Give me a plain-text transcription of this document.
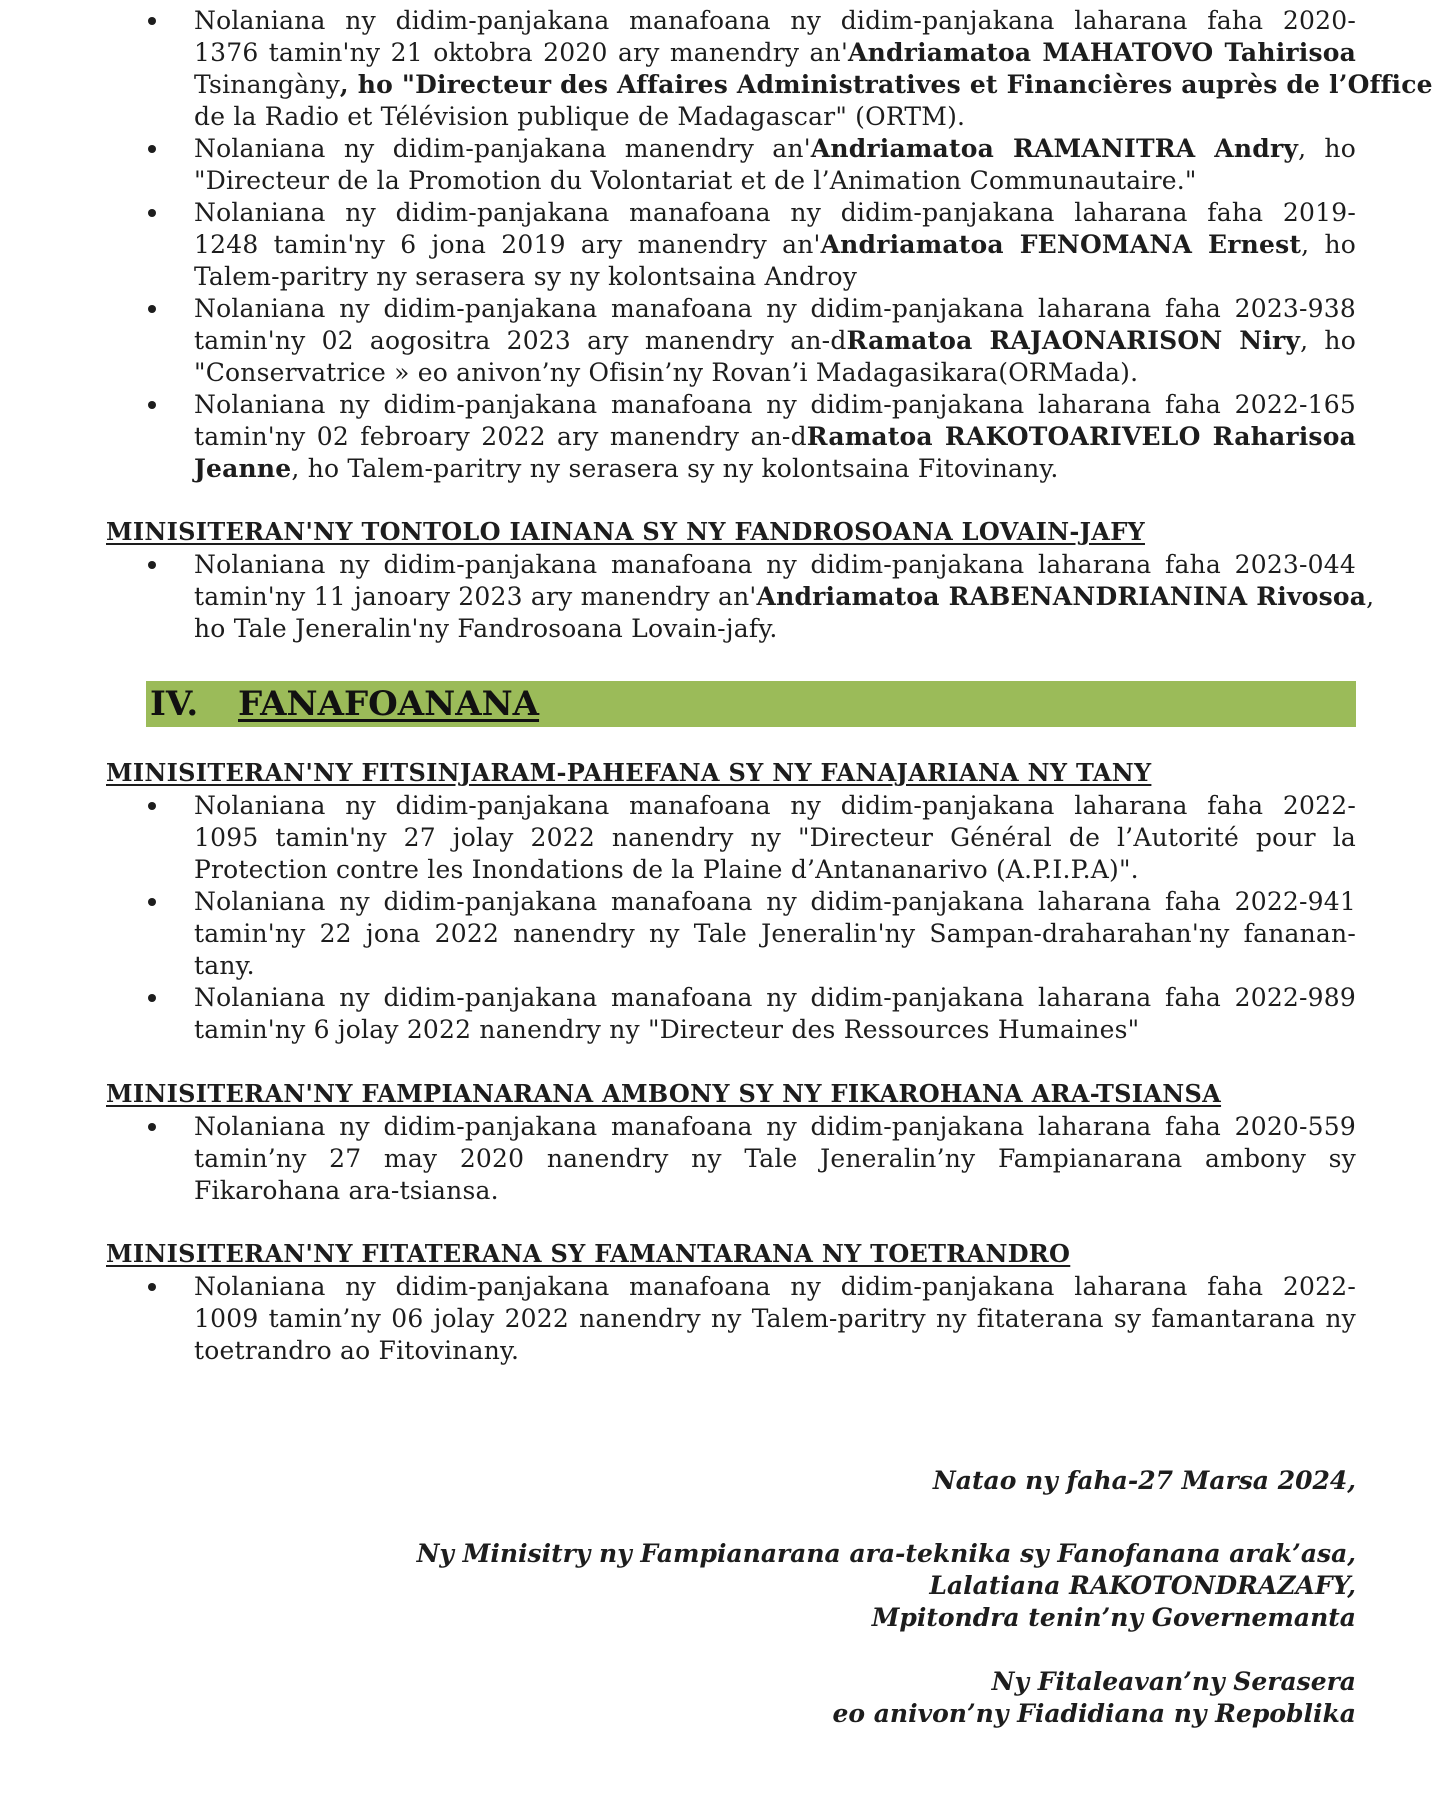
Nolaniana ny didim-panjakana manafoana ny didim-panjakana laharana faha 2020-
1376 tamin'ny 21 oktobra 2020 ary manendry an'Andriamatoa MAHATOVO Tahirisoa
Tsinangàny, ho "Directeur des Affaires Administratives et Financières auprès de l’Office
de la Radio et Télévision publique de Madagascar" (ORTM).
Nolaniana ny didim-panjakana manendry an'Andriamatoa RAMANITRA Andry, ho
"Directeur de la Promotion du Volontariat et de l’Animation Communautaire."
Nolaniana ny didim-panjakana manafoana ny didim-panjakana laharana faha 2019-
1248 tamin'ny 6 jona 2019 ary manendry an'Andriamatoa FENOMANA Ernest, ho
Talem-paritry ny serasera sy ny kolontsaina Androy
Nolaniana ny didim-panjakana manafoana ny didim-panjakana laharana faha 2023-938
tamin'ny 02 aogositra 2023 ary manendry an-dRamatoa RAJAONARISON Niry, ho
"Conservatrice » eo anivon’ny Ofisin’ny Rovan’i Madagasikara(ORMada).
Nolaniana ny didim-panjakana manafoana ny didim-panjakana laharana faha 2022-165
tamin'ny 02 febroary 2022 ary manendry an-dRamatoa RAKOTOARIVELO Raharisoa
Jeanne, ho Talem-paritry ny serasera sy ny kolontsaina Fitovinany.
MINISITERAN'NY TONTOLO IAINANA SY NY FANDROSOANA LOVAIN-JAFY
Nolaniana ny didim-panjakana manafoana ny didim-panjakana laharana faha 2023-044
tamin'ny 11 janoary 2023 ary manendry an'Andriamatoa RABENANDRIANINA Rivosoa,
ho Tale Jeneralin'ny Fandrosoana Lovain-jafy.
IV. FANAFOANANA
MINISITERAN'NY FITSINJARAM-PAHEFANA SY NY FANAJARIANA NY TANY
Nolaniana ny didim-panjakana manafoana ny didim-panjakana laharana faha 2022-
1095 tamin'ny 27 jolay 2022 nanendry ny "Directeur Général de l’Autorité pour la
Protection contre les Inondations de la Plaine d’Antananarivo (A.P.I.P.A)".
Nolaniana ny didim-panjakana manafoana ny didim-panjakana laharana faha 2022-941
tamin'ny 22 jona 2022 nanendry ny Tale Jeneralin'ny Sampan-draharahan'ny fananan-
tany.
Nolaniana ny didim-panjakana manafoana ny didim-panjakana laharana faha 2022-989
tamin'ny 6 jolay 2022 nanendry ny "Directeur des Ressources Humaines"
MINISITERAN'NY FAMPIANARANA AMBONY SY NY FIKAROHANA ARA-TSIANSA
Nolaniana ny didim-panjakana manafoana ny didim-panjakana laharana faha 2020-559
tamin’ny 27 may 2020 nanendry ny Tale Jeneralin’ny Fampianarana ambony sy
Fikarohana ara-tsiansa.
MINISITERAN'NY FITATERANA SY FAMANTARANA NY TOETRANDRO
Nolaniana ny didim-panjakana manafoana ny didim-panjakana laharana faha 2022-
1009 tamin’ny 06 jolay 2022 nanendry ny Talem-paritry ny fitaterana sy famantarana ny
toetrandro ao Fitovinany.
Natao ny faha-27 Marsa 2024,
Ny Minisitry ny Fampianarana ara-teknika sy Fanofanana arak’asa,
Lalatiana RAKOTONDRAZAFY,
Mpitondra tenin’ny Governemanta
Ny Fitaleavan’ny Serasera
eo anivon’ny Fiadidiana ny Repoblika
